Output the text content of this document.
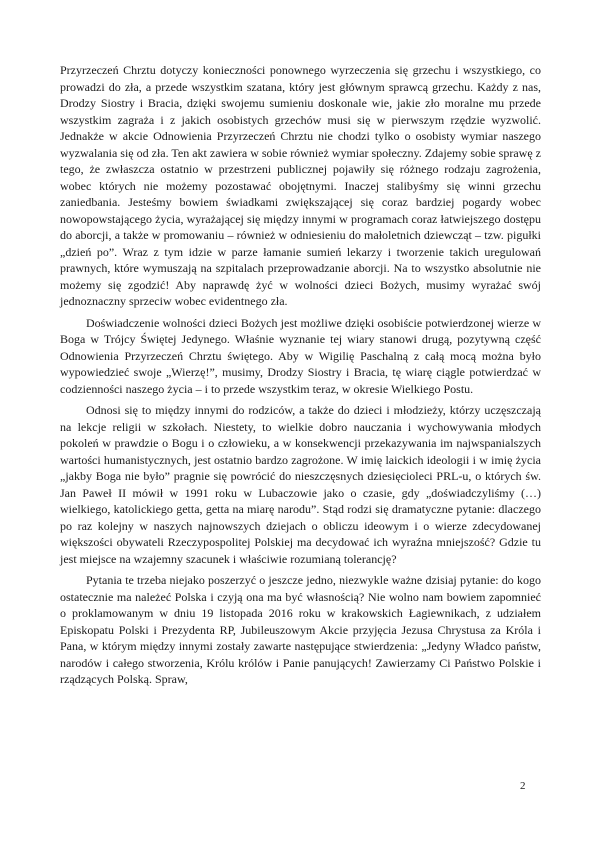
Przyrzeczeń Chrztu dotyczy konieczności ponownego wyrzeczenia się grzechu i wszystkiego, co prowadzi do zła, a przede wszystkim szatana, który jest głównym sprawcą grzechu. Każdy z nas, Drodzy Siostry i Bracia, dzięki swojemu sumieniu doskonale wie, jakie zło moralne mu przede wszystkim zagraża i z jakich osobistych grzechów musi się w pierwszym rzędzie wyzwolić. Jednakże w akcie Odnowienia Przyrzeczeń Chrztu nie chodzi tylko o osobisty wymiar naszego wyzwalania się od zła. Ten akt zawiera w sobie również wymiar społeczny. Zdajemy sobie sprawę z tego, że zwłaszcza ostatnio w przestrzeni publicznej pojawiły się różnego rodzaju zagrożenia, wobec których nie możemy pozostawać obojętnymi. Inaczej stalibyśmy się winni grzechu zaniedbania. Jesteśmy bowiem świadkami zwiększającej się coraz bardziej pogardy wobec nowopowstającego życia, wyrażającej się między innymi w programach coraz łatwiejszego dostępu do aborcji, a także w promowaniu – również w odniesieniu do małoletnich dziewcząt – tzw. pigułki „dzień po”. Wraz z tym idzie w parze łamanie sumień lekarzy i tworzenie takich uregulowań prawnych, które wymuszają na szpitalach przeprowadzanie aborcji. Na to wszystko absolutnie nie możemy się zgodzić! Aby naprawdę żyć w wolności dzieci Bożych, musimy wyrażać swój jednoznaczny sprzeciw wobec evidentnego zła.

Doświadczenie wolności dzieci Bożych jest możliwe dzięki osobiście potwierdzonej wierze w Boga w Trójcy Świętej Jedynego. Właśnie wyznanie tej wiary stanowi drugą, pozytywną część Odnowienia Przyrzeczeń Chrztu świętego. Aby w Wigilię Paschalną z całą mocą można było wypowiedzieć swoje „Wierzę!”, musimy, Drodzy Siostry i Bracia, tę wiarę ciągle potwierdzać w codzienności naszego życia – i to przede wszystkim teraz, w okresie Wielkiego Postu.

Odnosi się to między innymi do rodziców, a także do dzieci i młodzieży, którzy uczęszczają na lekcje religii w szkołach. Niestety, to wielkie dobro nauczania i wychowywania młodych pokoleń w prawdzie o Bogu i o człowieku, a w konsekwencji przekazywania im najwspanialszych wartości humanistycznych, jest ostatnio bardzo zagrożone. W imię laickich ideologii i w imię życia „jakby Boga nie było” pragnie się powrócić do nieszczęsnych dziesięcioleci PRL-u, o których św. Jan Paweł II mówił w 1991 roku w Lubaczowie jako o czasie, gdy „doświadczyliśmy (…) wielkiego, katolickiego getta, getta na miarę narodu”. Stąd rodzi się dramatyczne pytanie: dlaczego po raz kolejny w naszych najnowszych dziejach o obliczu ideowym i o wierze zdecydowanej większości obywateli Rzeczypospolitej Polskiej ma decydować ich wyraźna mniejszość? Gdzie tu jest miejsce na wzajemny szacunek i właściwie rozumianą tolerancję?

Pytania te trzeba niejako poszerzyć o jeszcze jedno, niezwykle ważne dzisiaj pytanie: do kogo ostatecznie ma należeć Polska i czyją ona ma być własnością? Nie wolno nam bowiem zapomnieć o proklamowanym w dniu 19 listopada 2016 roku w krakowskich Łagiewnikach, z udziałem Episkopatu Polski i Prezydenta RP, Jubileuszowym Akcie przyjęcia Jezusa Chrystusa za Króla i Pana, w którym między innymi zostały zawarte następujące stwierdzenia: „Jedyny Władco państw, narodów i całego stworzenia, Królu królów i Panie panujących! Zawierzamy Ci Państwo Polskie i rządzących Polską. Spraw,

2
